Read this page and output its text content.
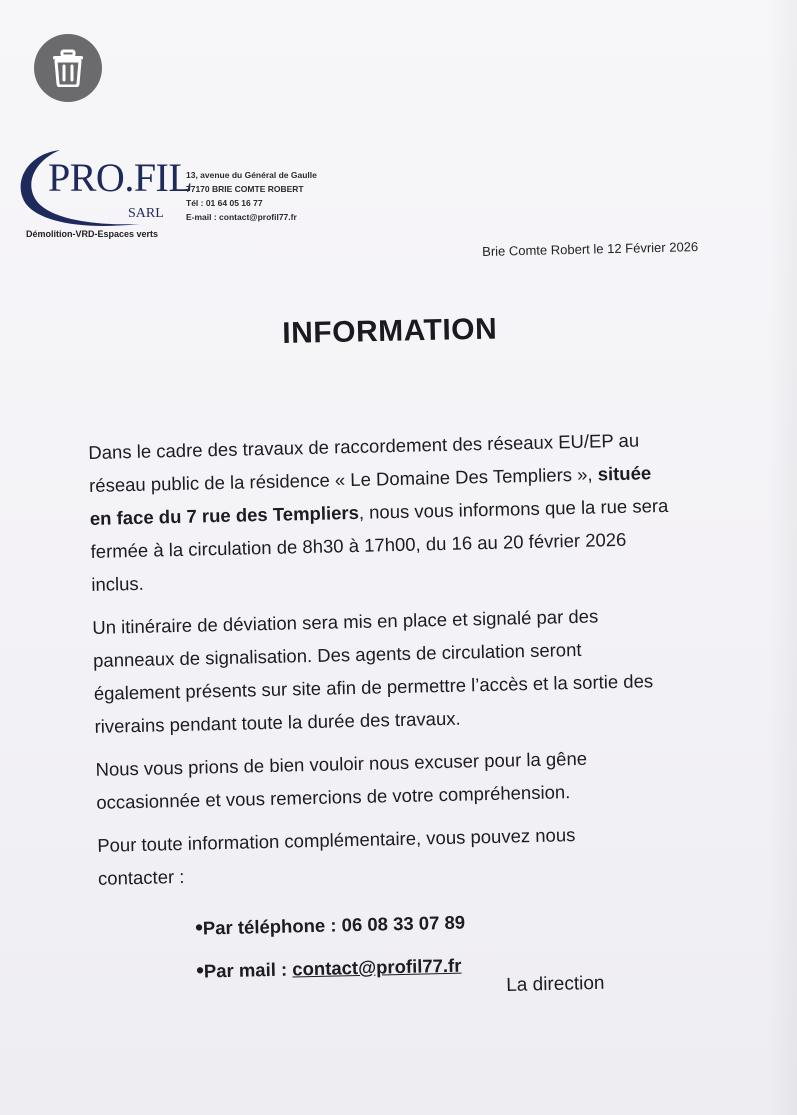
PRO.FIL
SARL
Démolition-VRD-Espaces verts
13, avenue du Général de Gaulle
77170 BRIE COMTE ROBERT
Tél : 01 64 05 16 77
E-mail : contact@profil77.fr
Brie Comte Robert le 12 Février 2026
INFORMATION

Dans le cadre des travaux de raccordement des réseaux EU/EP au
réseau public de la résidence « Le Domaine Des Templiers », située
en face du 7 rue des Templiers, nous vous informons que la rue sera
fermée à la circulation de 8h30 à 17h00, du 16 au 20 février 2026
inclus.

Un itinéraire de déviation sera mis en place et signalé par des
panneaux de signalisation. Des agents de circulation seront
également présents sur site afin de permettre l’accès et la sortie des
riverains pendant toute la durée des travaux.

Nous vous prions de bien vouloir nous excuser pour la gêne
occasionnée et vous remercions de votre compréhension.

Pour toute information complémentaire, vous pouvez nous
contacter :

•Par téléphone : 06 08 33 07 89
•Par mail : contact@profil77.fr
La direction
